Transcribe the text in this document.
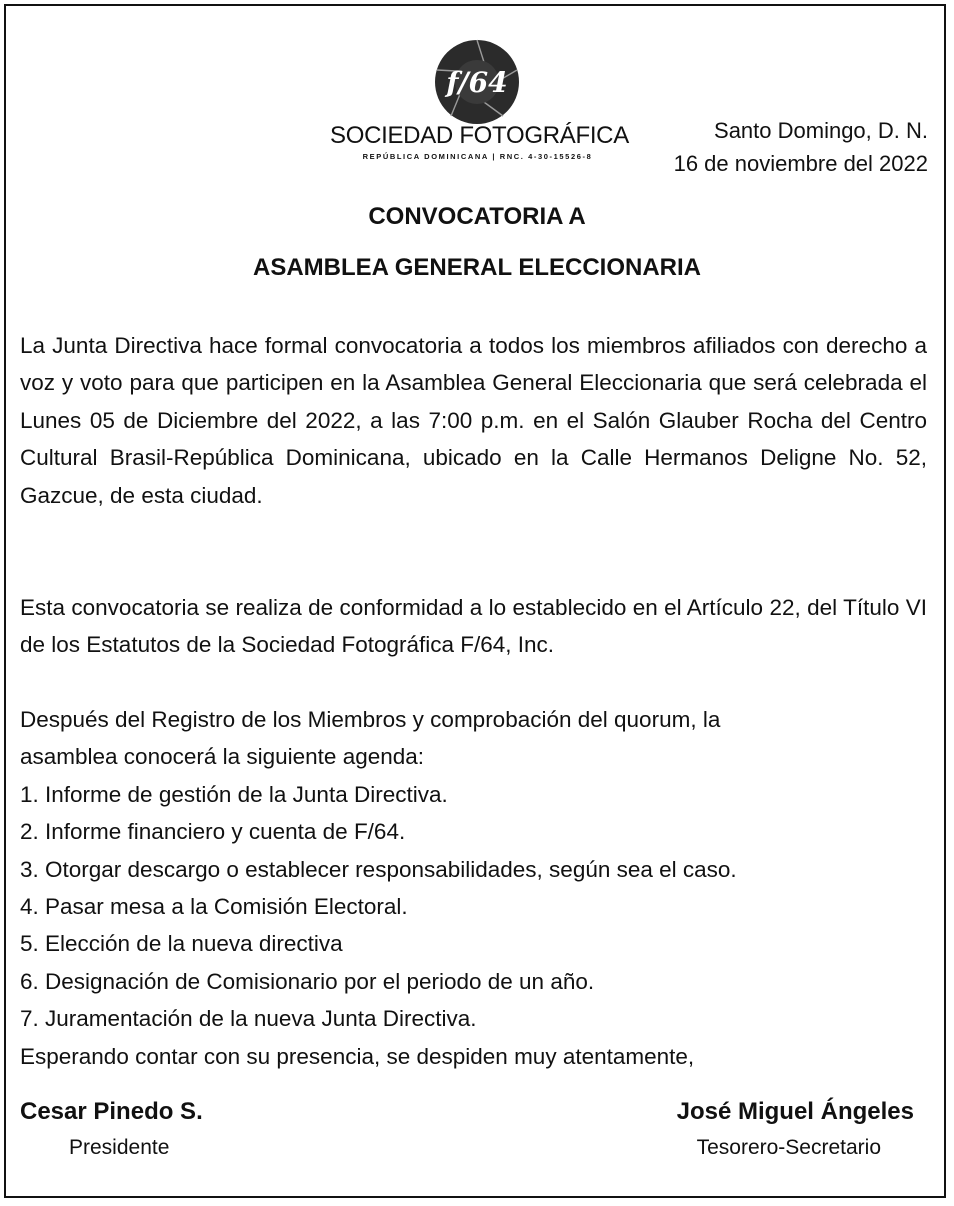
f/64
SOCIEDAD FOTOGRÁFICA
REPÚBLICA DOMINICANA | RNC. 4-30-15526-8
Santo Domingo, D. N.
16 de noviembre del 2022
CONVOCATORIA A
ASAMBLEA GENERAL ELECCIONARIA
La Junta Directiva hace formal convocatoria a todos los miembros afiliados con derecho a voz y voto para que participen en la Asamblea General Eleccionaria que será celebrada el Lunes 05 de Diciembre del 2022, a las 7:00 p.m. en el Salón Glauber Rocha del Centro Cultural Brasil-República Dominicana, ubicado en la Calle Hermanos Deligne No. 52, Gazcue, de esta ciudad.
Esta convocatoria se realiza de conformidad a lo establecido en el Artículo 22, del Título VI de los Estatutos de la Sociedad Fotográfica F/64, Inc.
Después del Registro de los Miembros y comprobación del quorum, la
asamblea conocerá la siguiente agenda:
1. Informe de gestión de la Junta Directiva.
2. Informe financiero y cuenta de F/64.
3. Otorgar descargo o establecer responsabilidades, según sea el caso.
4. Pasar mesa a la Comisión Electoral.
5. Elección de la nueva directiva
6. Designación de Comisionario por el periodo de un año.
7. Juramentación de la nueva Junta Directiva.
Esperando contar con su presencia, se despiden muy atentamente,
Cesar Pinedo S.
Presidente
José Miguel Ángeles
Tesorero-Secretario
